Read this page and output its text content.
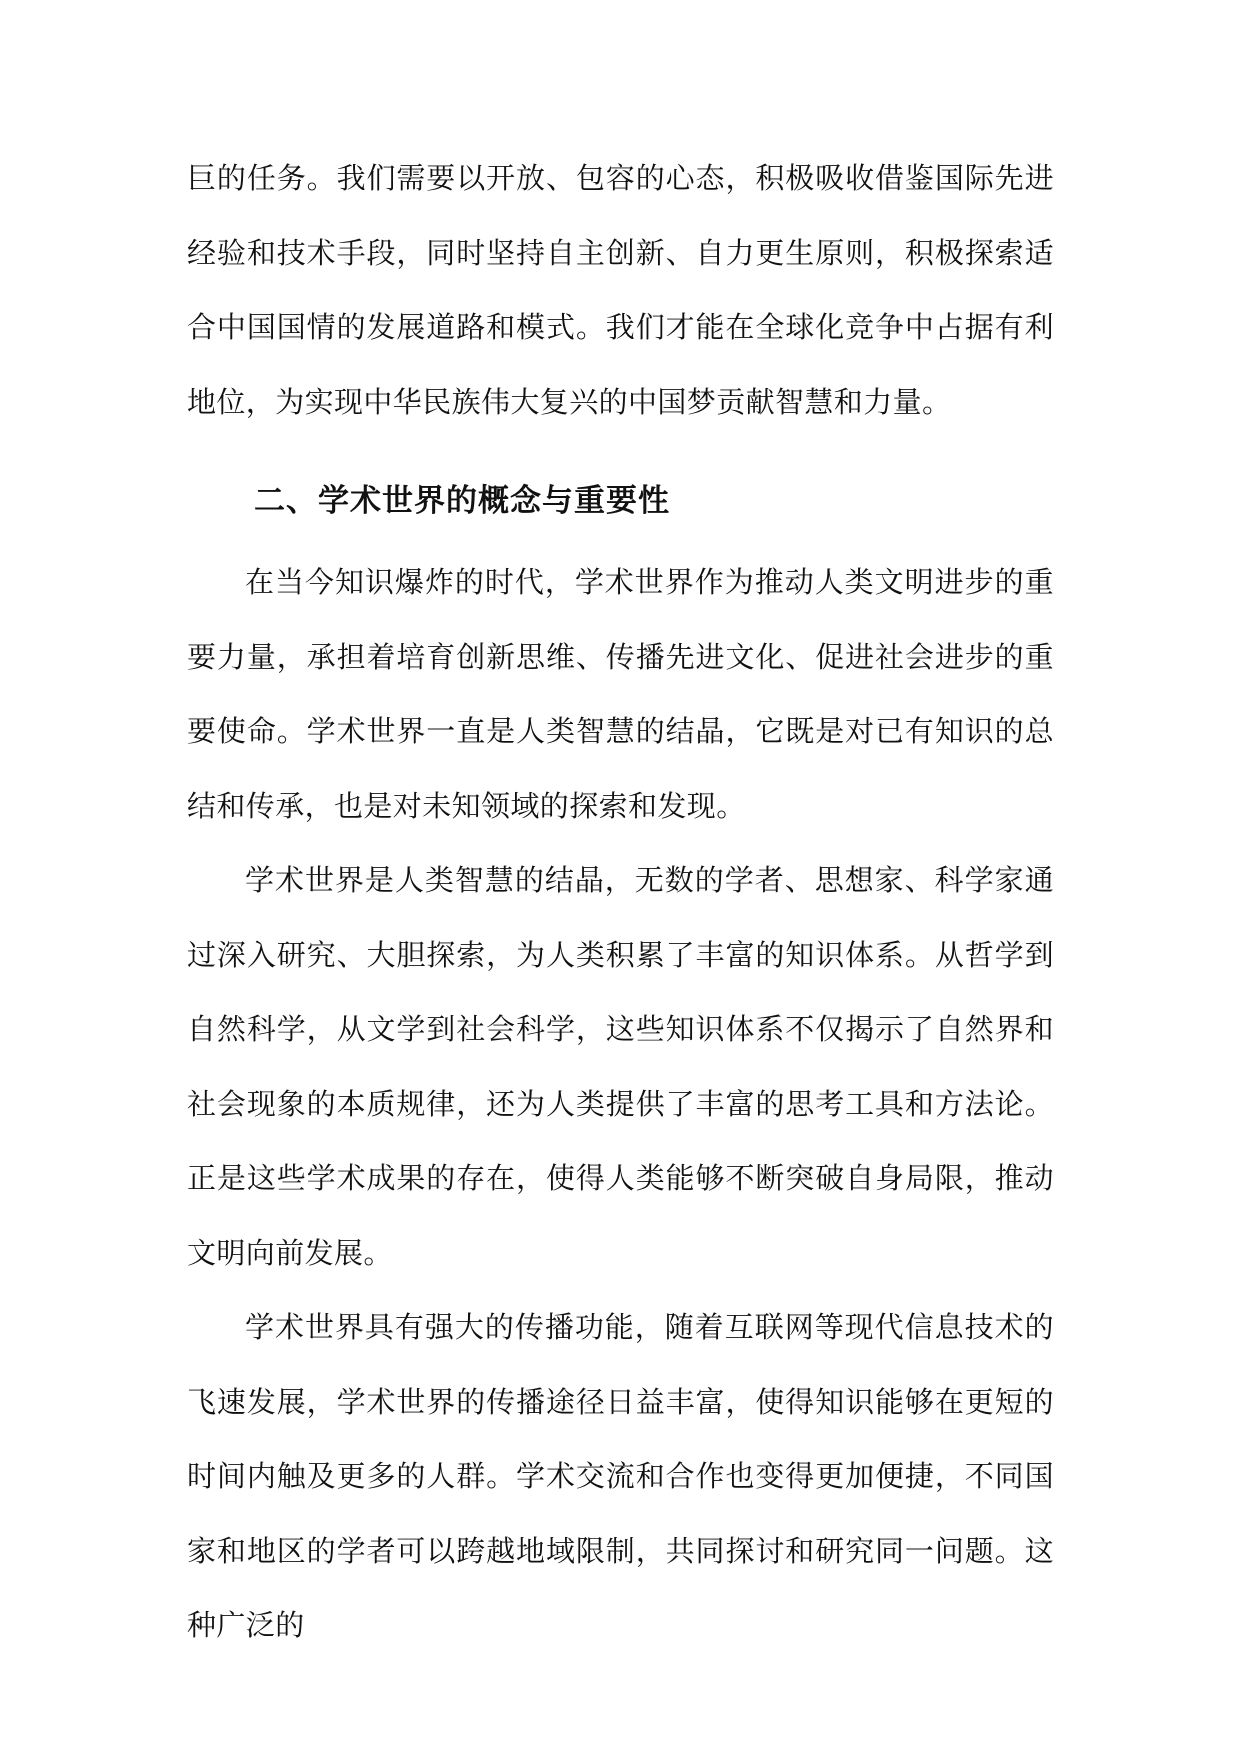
巨的任务。我们需要以开放、包容的心态，积极吸收借鉴国际先进经验和技术手段，同时坚持自主创新、自力更生原则，积极探索适合中国国情的发展道路和模式。我们才能在全球化竞争中占据有利地位，为实现中华民族伟大复兴的中国梦贡献智慧和力量。

二、学术世界的概念与重要性

在当今知识爆炸的时代，学术世界作为推动人类文明进步的重要力量，承担着培育创新思维、传播先进文化、促进社会进步的重要使命。学术世界一直是人类智慧的结晶，它既是对已有知识的总结和传承，也是对未知领域的探索和发现。

学术世界是人类智慧的结晶，无数的学者、思想家、科学家通过深入研究、大胆探索，为人类积累了丰富的知识体系。从哲学到自然科学，从文学到社会科学，这些知识体系不仅揭示了自然界和社会现象的本质规律，还为人类提供了丰富的思考工具和方法论。正是这些学术成果的存在，使得人类能够不断突破自身局限，推动文明向前发展。

学术世界具有强大的传播功能，随着互联网等现代信息技术的飞速发展，学术世界的传播途径日益丰富，使得知识能够在更短的时间内触及更多的人群。学术交流和合作也变得更加便捷，不同国家和地区的学者可以跨越地域限制，共同探讨和研究同一问题。这种广泛的
